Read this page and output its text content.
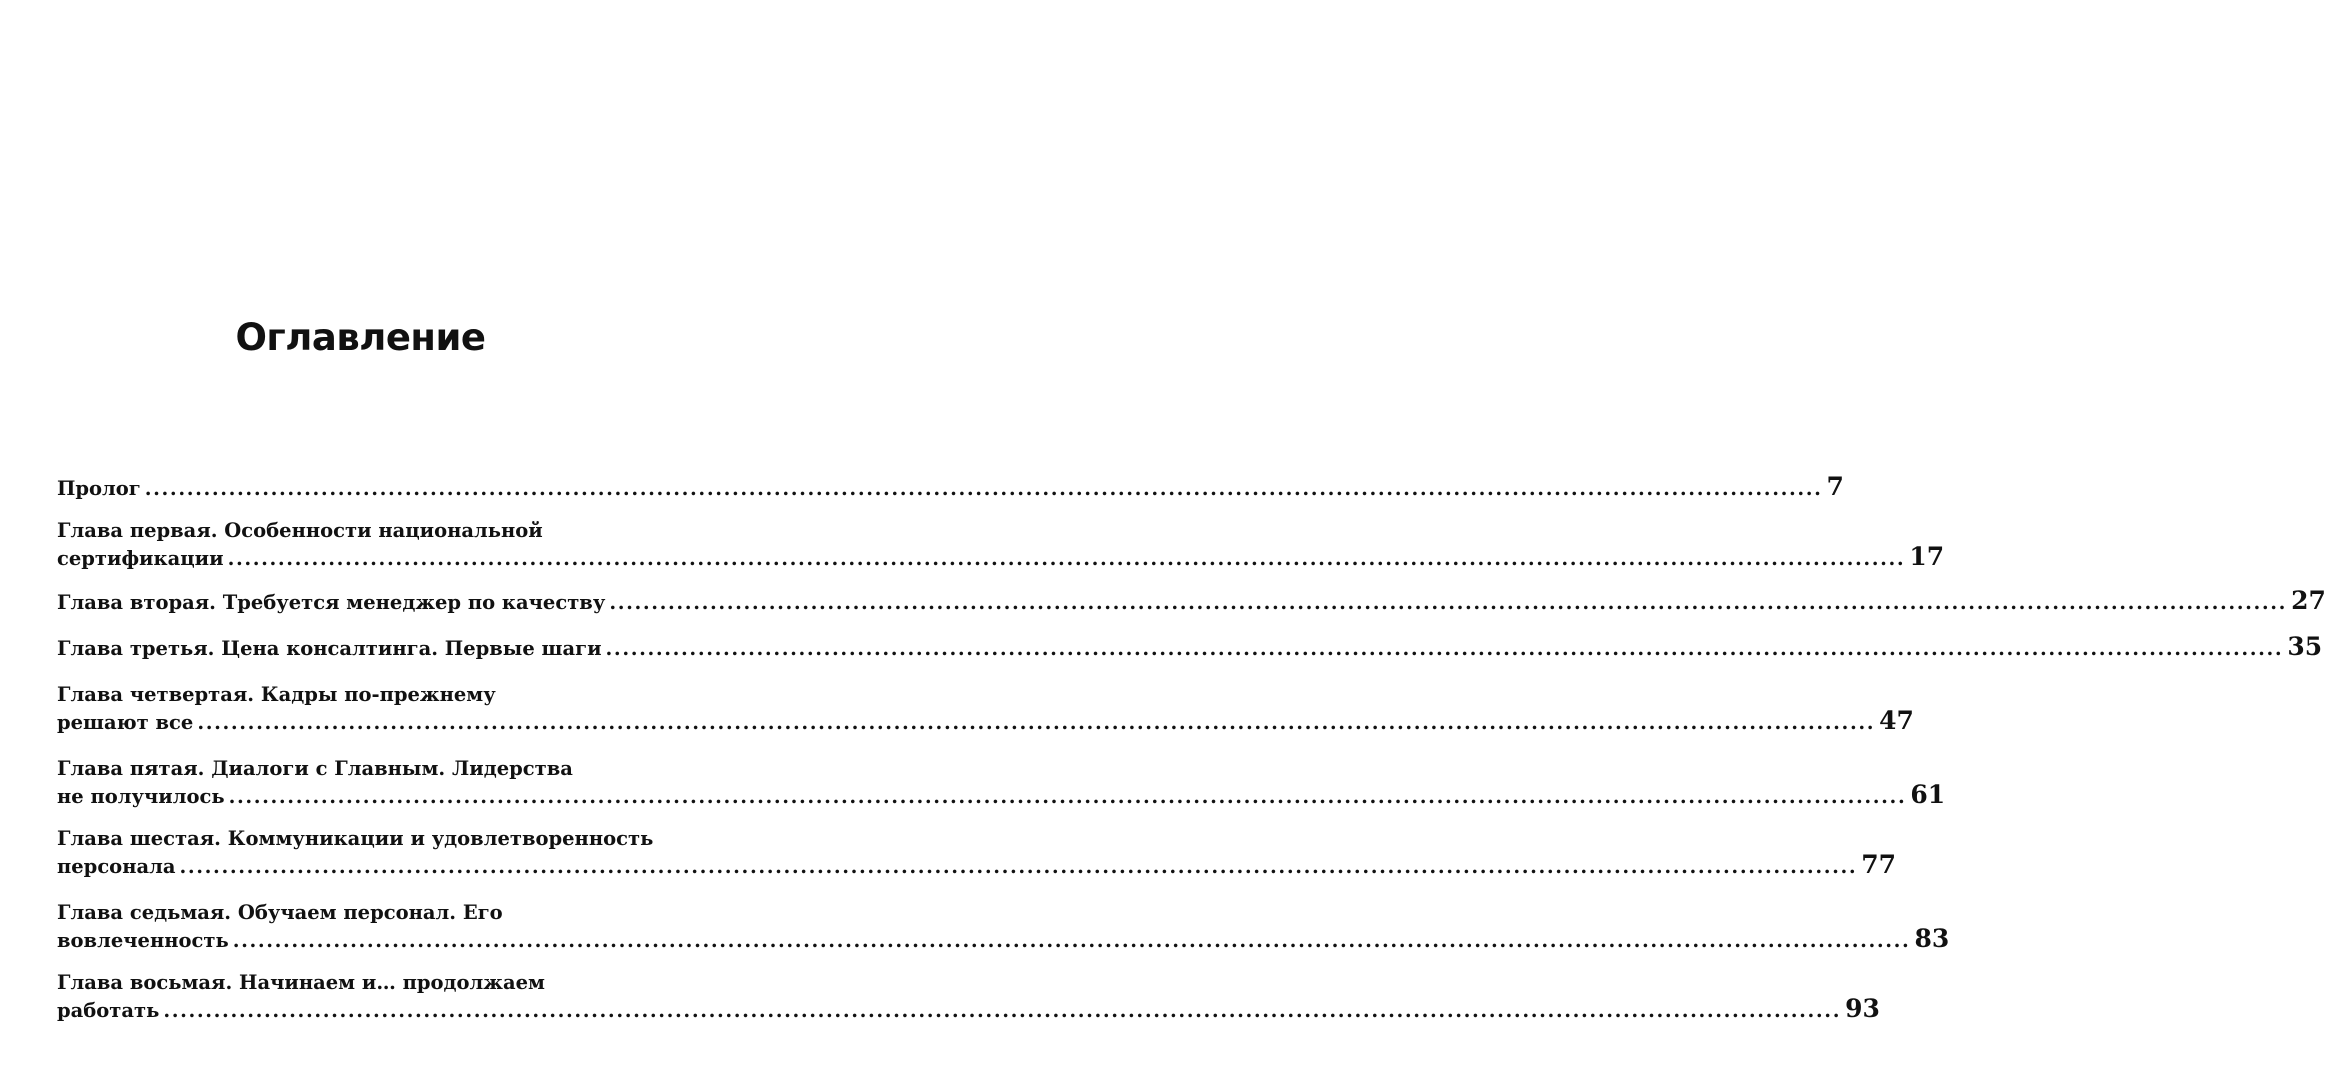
Оглавление
Пролог ........................................................................................................................................................................................................ 7
Глава первая. Особенности национальной
сертификации ........................................................................................................................................................................................................ 17
Глава вторая. Требуется менеджер по качеству ........................................................................................................................................................................................................ 27
Глава третья. Цена консалтинга. Первые шаги ........................................................................................................................................................................................................ 35
Глава четвертая. Кадры по-прежнему
решают все ........................................................................................................................................................................................................ 47
Глава пятая. Диалоги с Главным. Лидерства
не получилось ........................................................................................................................................................................................................ 61
Глава шестая. Коммуникации и удовлетворенность
персонала ........................................................................................................................................................................................................ 77
Глава седьмая. Обучаем персонал. Его
вовлеченность ........................................................................................................................................................................................................ 83
Глава восьмая. Начинаем и… продолжаем
работать ........................................................................................................................................................................................................ 93
